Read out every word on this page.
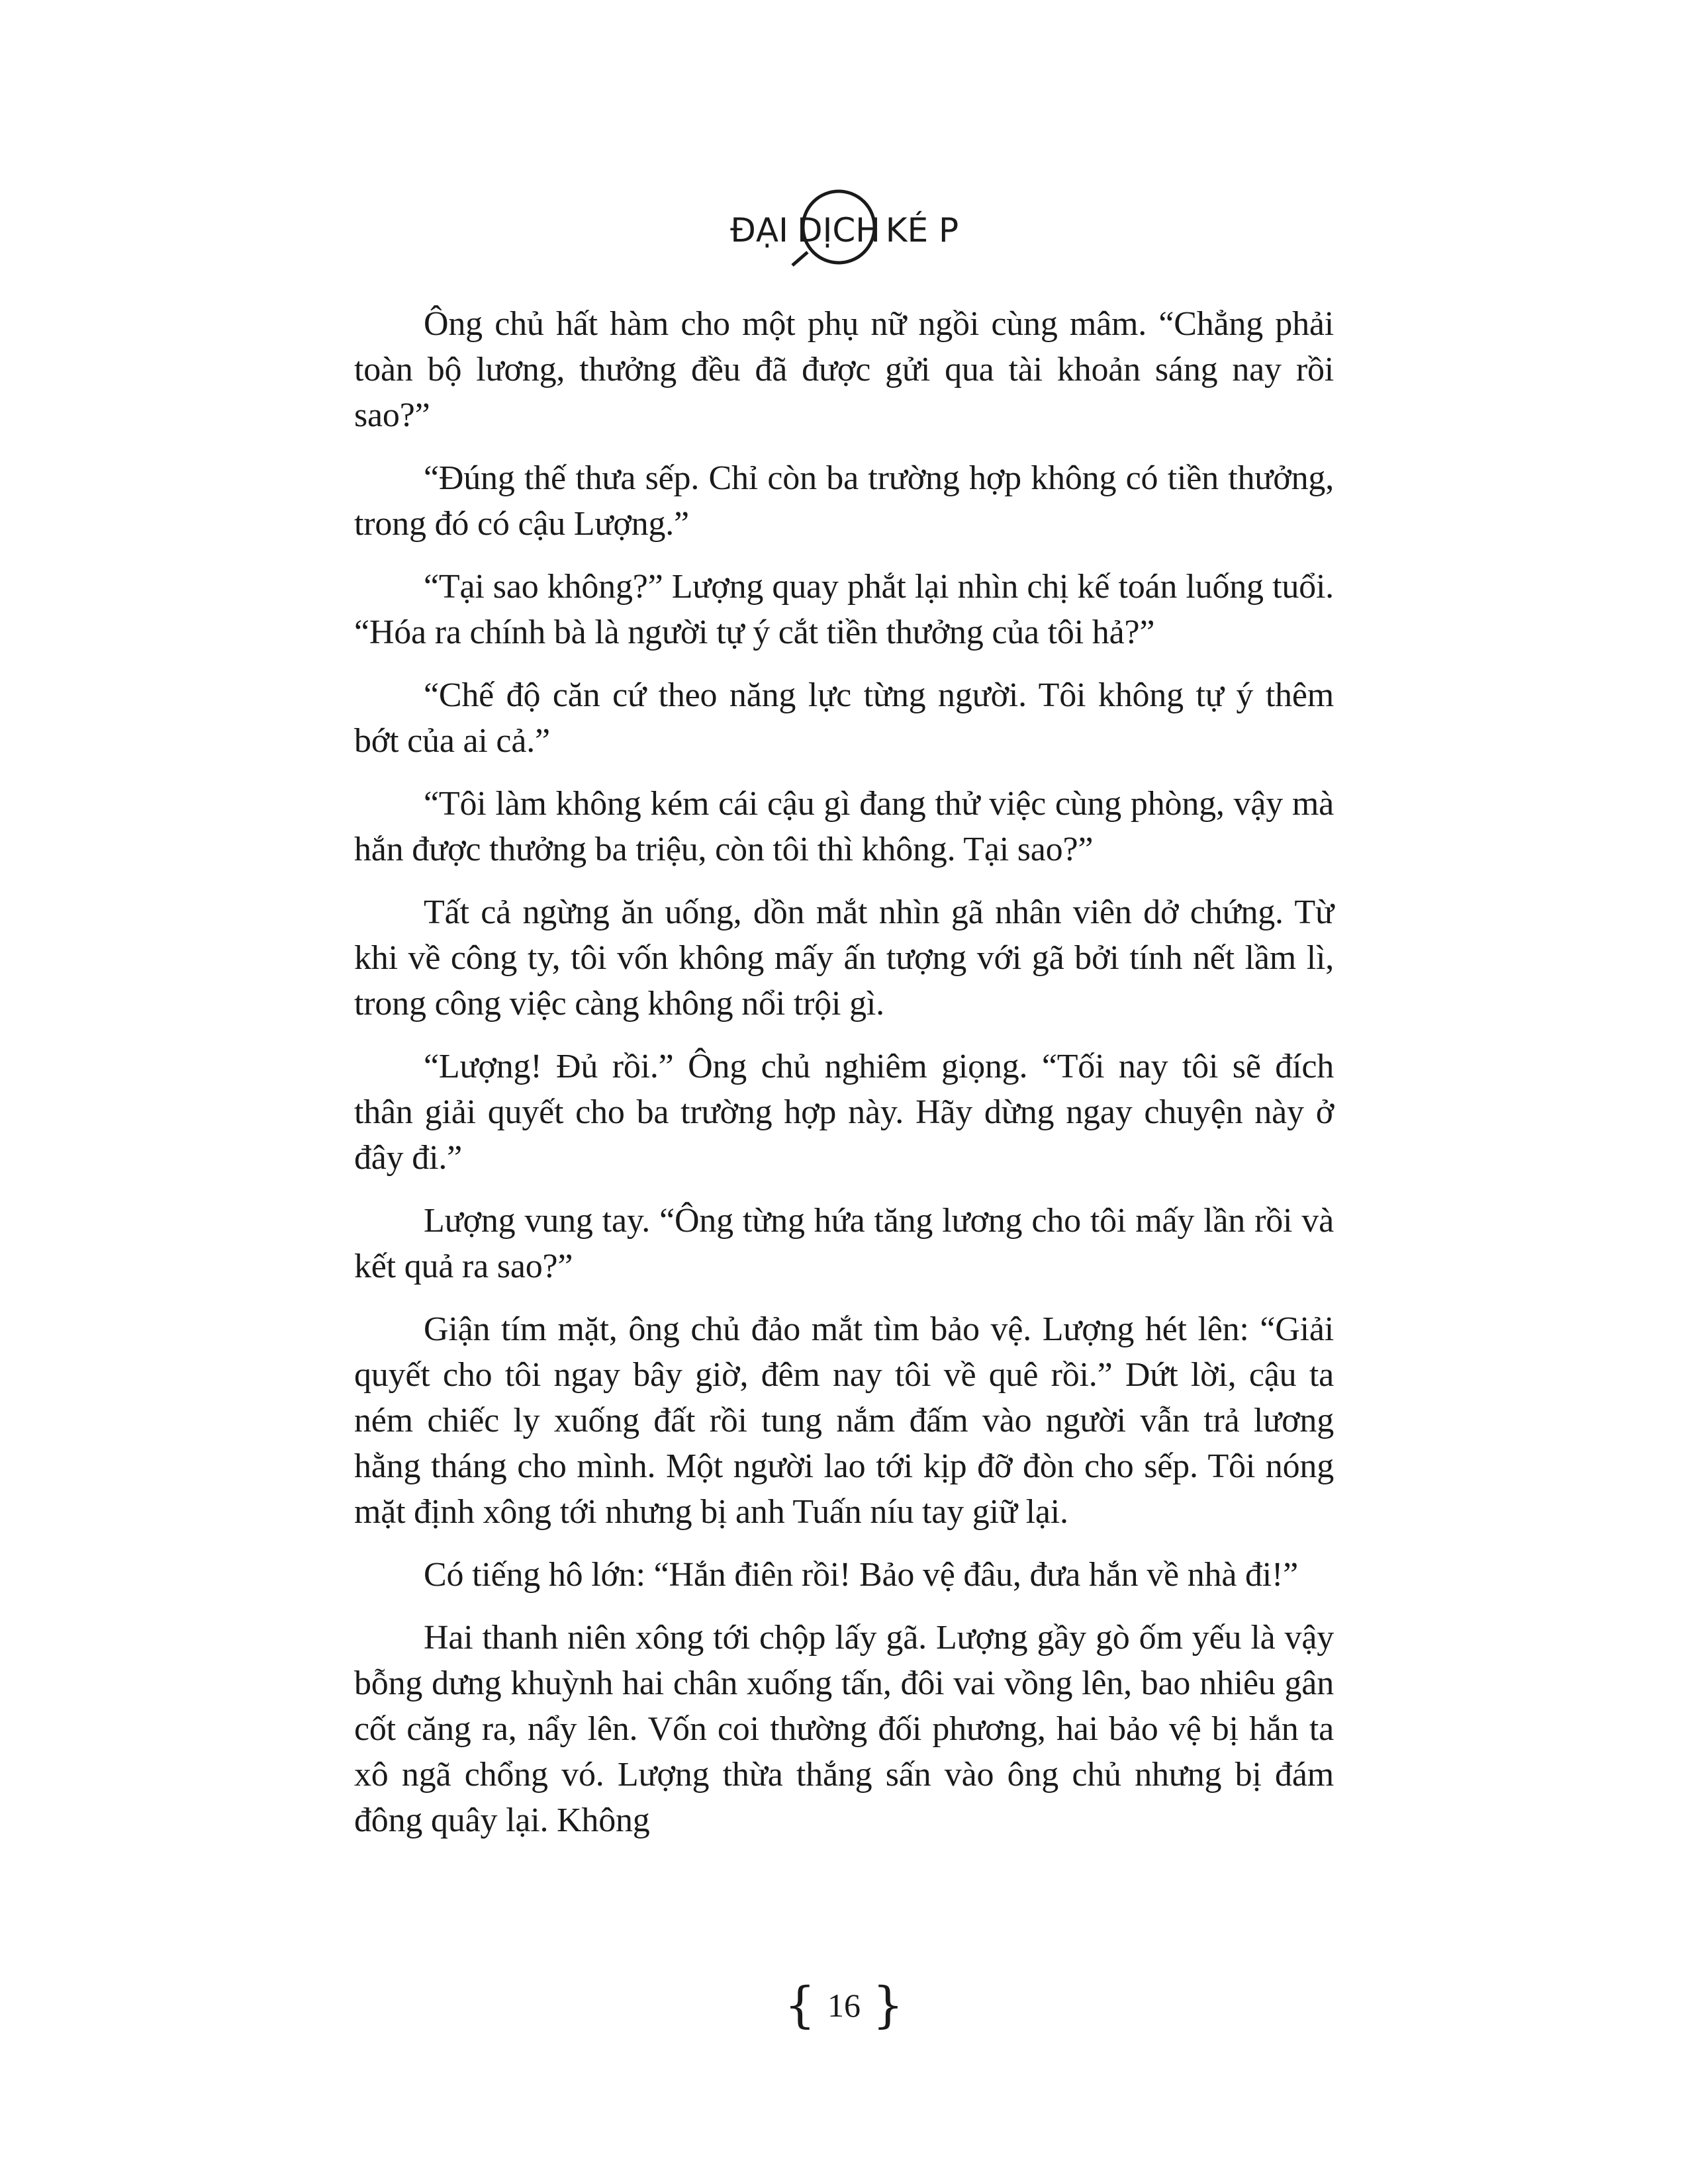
ĐẠI DỊCH KÉ P

Ông chủ hất hàm cho một phụ nữ ngồi cùng mâm. “Chẳng phải toàn bộ lương, thưởng đều đã được gửi qua tài khoản sáng nay rồi sao?”

“Đúng thế thưa sếp. Chỉ còn ba trường hợp không có tiền thưởng, trong đó có cậu Lượng.”

“Tại sao không?” Lượng quay phắt lại nhìn chị kế toán luống tuổi. “Hóa ra chính bà là người tự ý cắt tiền thưởng của tôi hả?”

“Chế độ căn cứ theo năng lực từng người. Tôi không tự ý thêm bớt của ai cả.”

“Tôi làm không kém cái cậu gì đang thử việc cùng phòng, vậy mà hắn được thưởng ba triệu, còn tôi thì không. Tại sao?”

Tất cả ngừng ăn uống, dồn mắt nhìn gã nhân viên dở chứng. Từ khi về công ty, tôi vốn không mấy ấn tượng với gã bởi tính nết lầm lì, trong công việc càng không nổi trội gì.

“Lượng! Đủ rồi.” Ông chủ nghiêm giọng. “Tối nay tôi sẽ đích thân giải quyết cho ba trường hợp này. Hãy dừng ngay chuyện này ở đây đi.”

Lượng vung tay. “Ông từng hứa tăng lương cho tôi mấy lần rồi và kết quả ra sao?”

Giận tím mặt, ông chủ đảo mắt tìm bảo vệ. Lượng hét lên: “Giải quyết cho tôi ngay bây giờ, đêm nay tôi về quê rồi.” Dứt lời, cậu ta ném chiếc ly xuống đất rồi tung nắm đấm vào người vẫn trả lương hằng tháng cho mình. Một người lao tới kịp đỡ đòn cho sếp. Tôi nóng mặt định xông tới nhưng bị anh Tuấn níu tay giữ lại.

Có tiếng hô lớn: “Hắn điên rồi! Bảo vệ đâu, đưa hắn về nhà đi!”

Hai thanh niên xông tới chộp lấy gã. Lượng gầy gò ốm yếu là vậy bỗng dưng khuỳnh hai chân xuống tấn, đôi vai vồng lên, bao nhiêu gân cốt căng ra, nẩy lên. Vốn coi thường đối phương, hai bảo vệ bị hắn ta xô ngã chổng vó. Lượng thừa thắng sấn vào ông chủ nhưng bị đám đông quây lại. Không

{ 16 }
